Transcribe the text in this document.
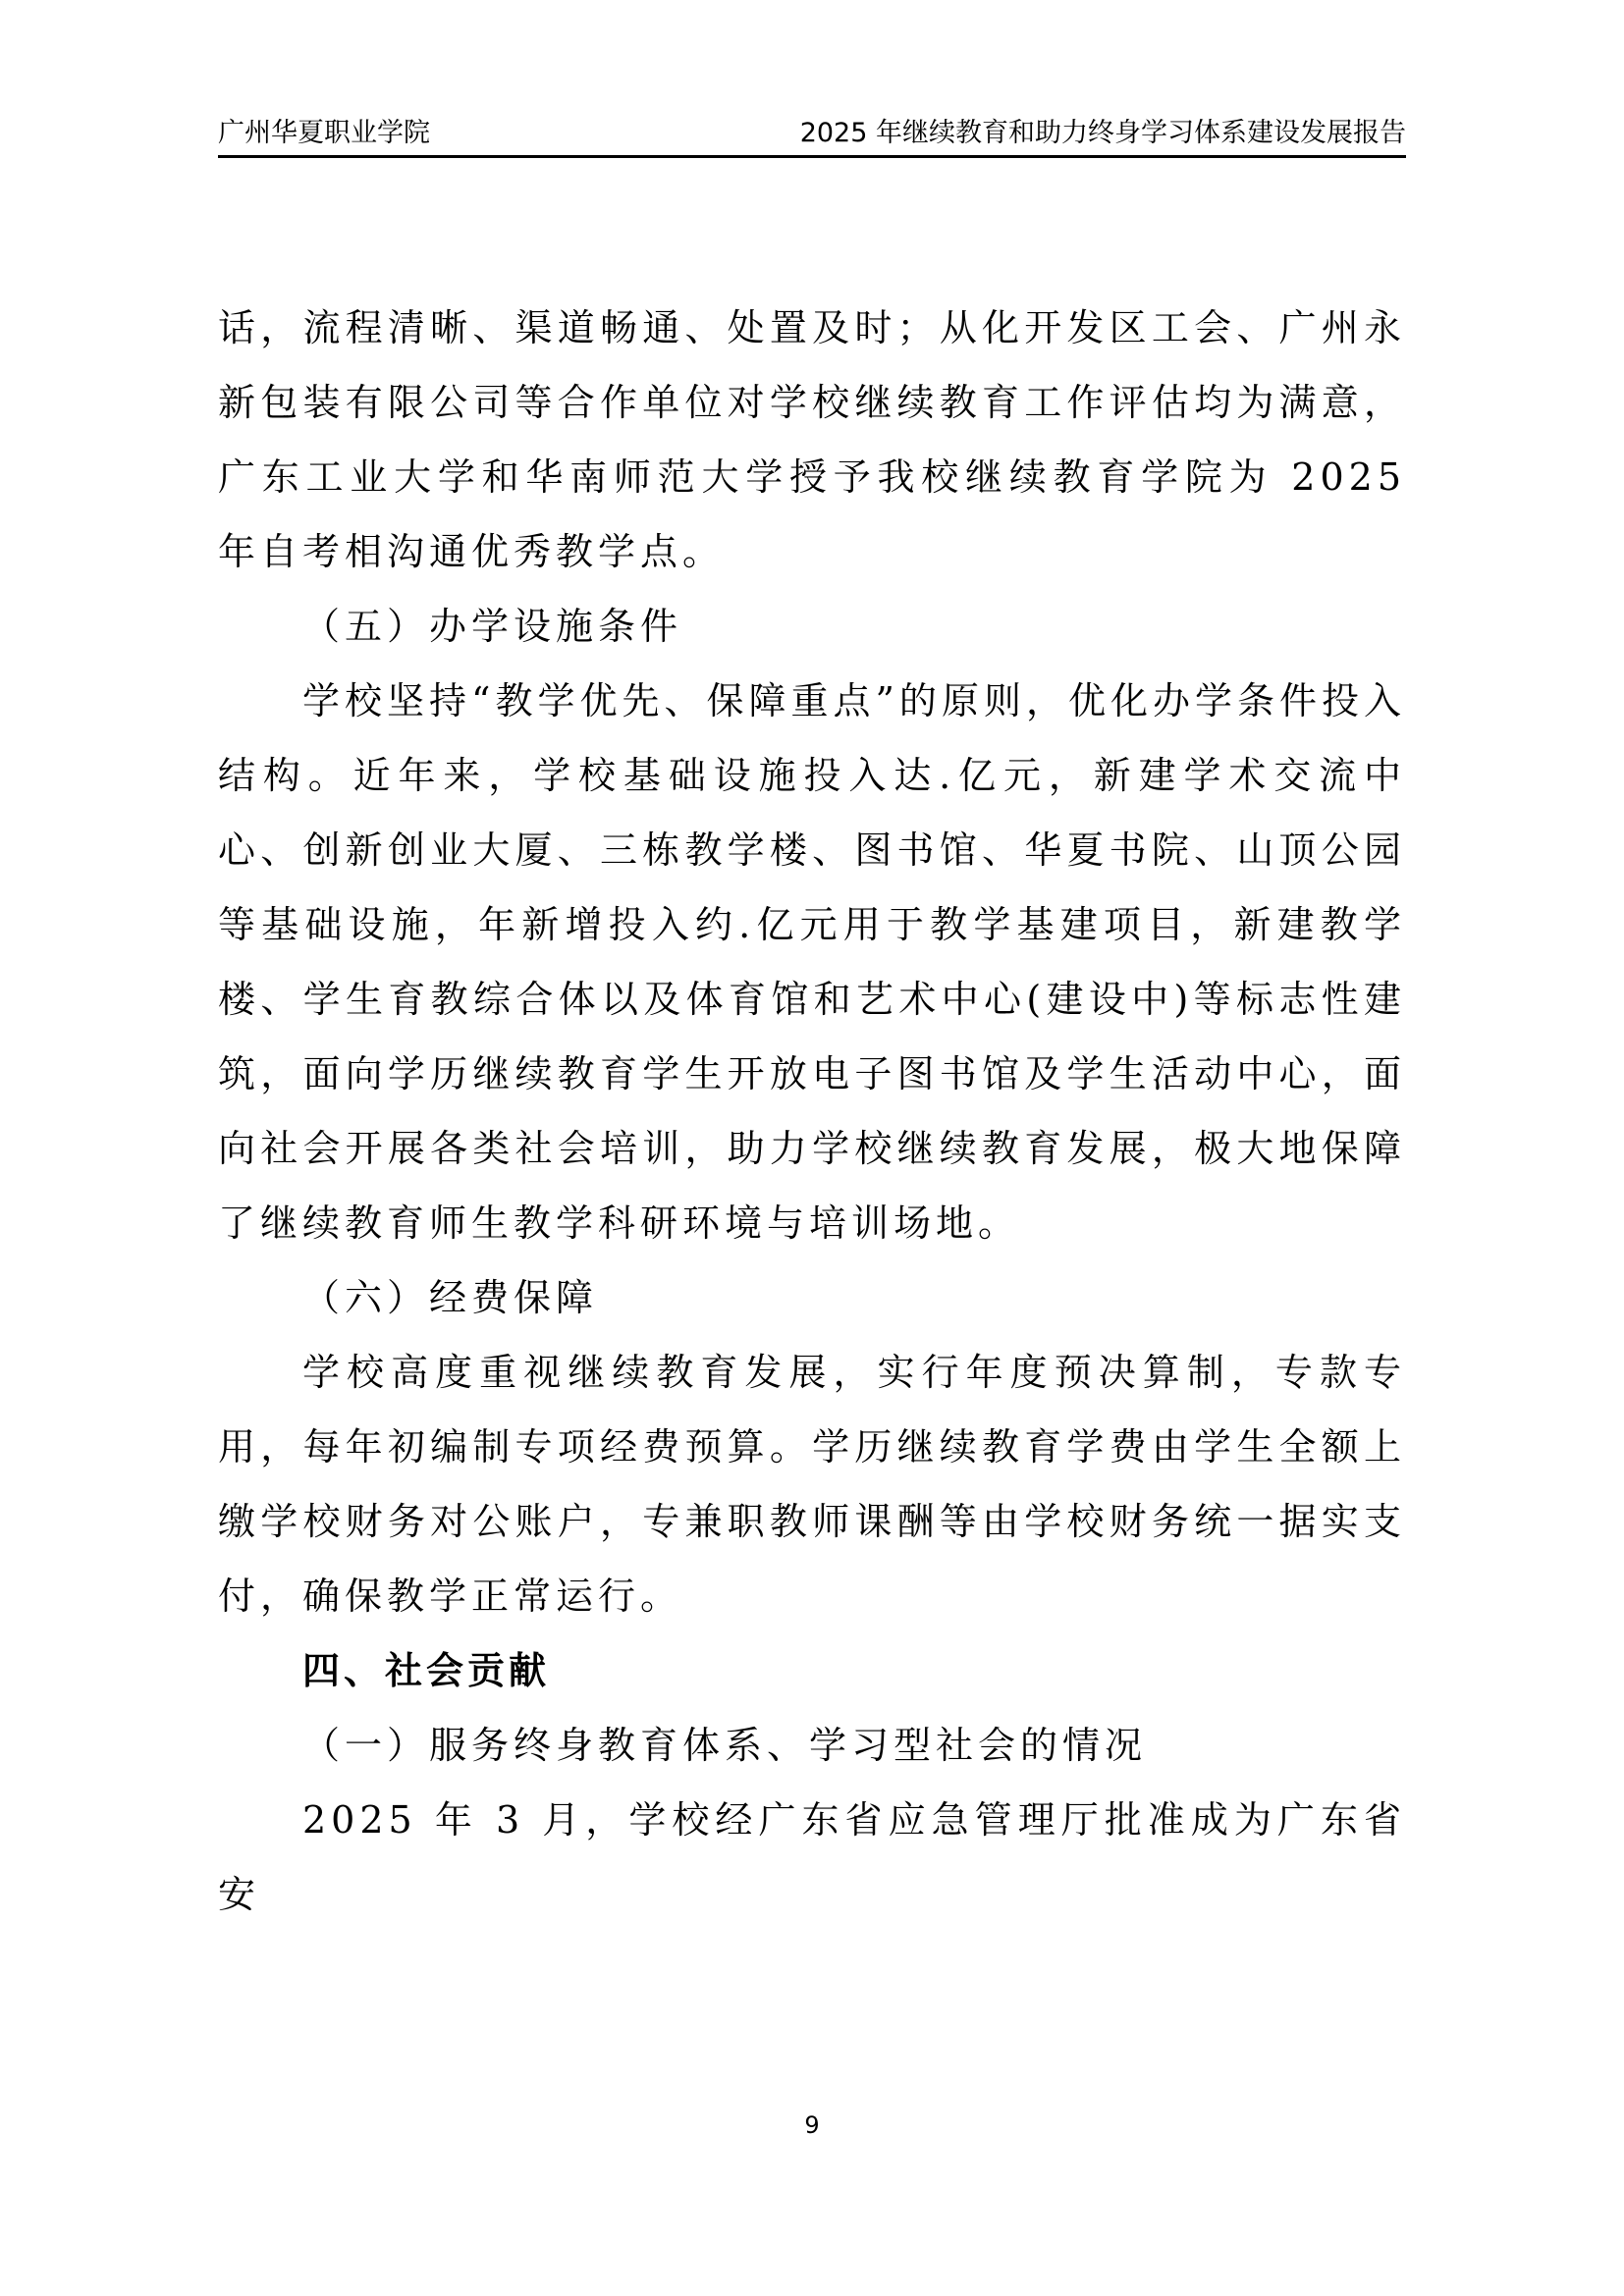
广州华夏职业学院	2025 年继续教育和助力终身学习体系建设发展报告

话，流程清晰、渠道畅通、处置及时；从化开发区工会、广州永新包装有限公司等合作单位对学校继续教育工作评估均为满意，广东工业大学和华南师范大学授予我校继续教育学院为 2025 年自考相沟通优秀教学点。

（五）办学设施条件

学校坚持“教学优先、保障重点”的原则，优化办学条件投入结构。近年来，学校基础设施投入达.亿元，新建学术交流中心、创新创业大厦、三栋教学楼、图书馆、华夏书院、山顶公园等基础设施，年新增投入约.亿元用于教学基建项目，新建教学楼、学生育教综合体以及体育馆和艺术中心(建设中)等标志性建筑，面向学历继续教育学生开放电子图书馆及学生活动中心，面向社会开展各类社会培训，助力学校继续教育发展，极大地保障了继续教育师生教学科研环境与培训场地。

（六）经费保障

学校高度重视继续教育发展，实行年度预决算制，专款专用，每年初编制专项经费预算。学历继续教育学费由学生全额上缴学校财务对公账户，专兼职教师课酬等由学校财务统一据实支付，确保教学正常运行。

四、社会贡献

（一）服务终身教育体系、学习型社会的情况

2025 年 3 月，学校经广东省应急管理厅批准成为广东省安

9
